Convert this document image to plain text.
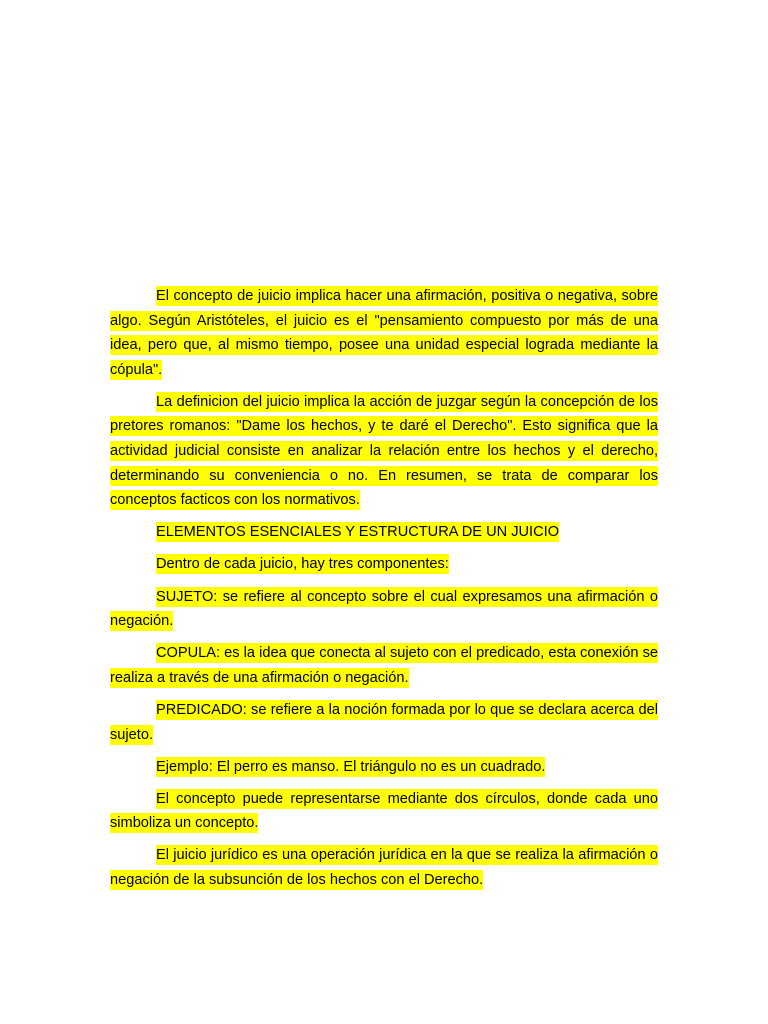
El concepto de juicio implica hacer una afirmación, positiva o negativa, sobre algo. Según Aristóteles, el juicio es el "pensamiento compuesto por más de una idea, pero que, al mismo tiempo, posee una unidad especial lograda mediante la cópula".

La definicion del juicio implica la acción de juzgar según la concepción de los pretores romanos: "Dame los hechos, y te daré el Derecho". Esto significa que la actividad judicial consiste en analizar la relación entre los hechos y el derecho, determinando su conveniencia o no. En resumen, se trata de comparar los conceptos facticos con los normativos.

ELEMENTOS ESENCIALES Y ESTRUCTURA DE UN JUICIO

Dentro de cada juicio, hay tres componentes:

SUJETO: se refiere al concepto sobre el cual expresamos una afirmación o negación.

COPULA: es la idea que conecta al sujeto con el predicado, esta conexión se realiza a través de una afirmación o negación.

PREDICADO: se refiere a la noción formada por lo que se declara acerca del sujeto.

Ejemplo: El perro es manso. El triángulo no es un cuadrado.

El concepto puede representarse mediante dos círculos, donde cada uno simboliza un concepto.

El juicio jurídico es una operación jurídica en la que se realiza la afirmación o negación de la subsunción de los hechos con el Derecho.
